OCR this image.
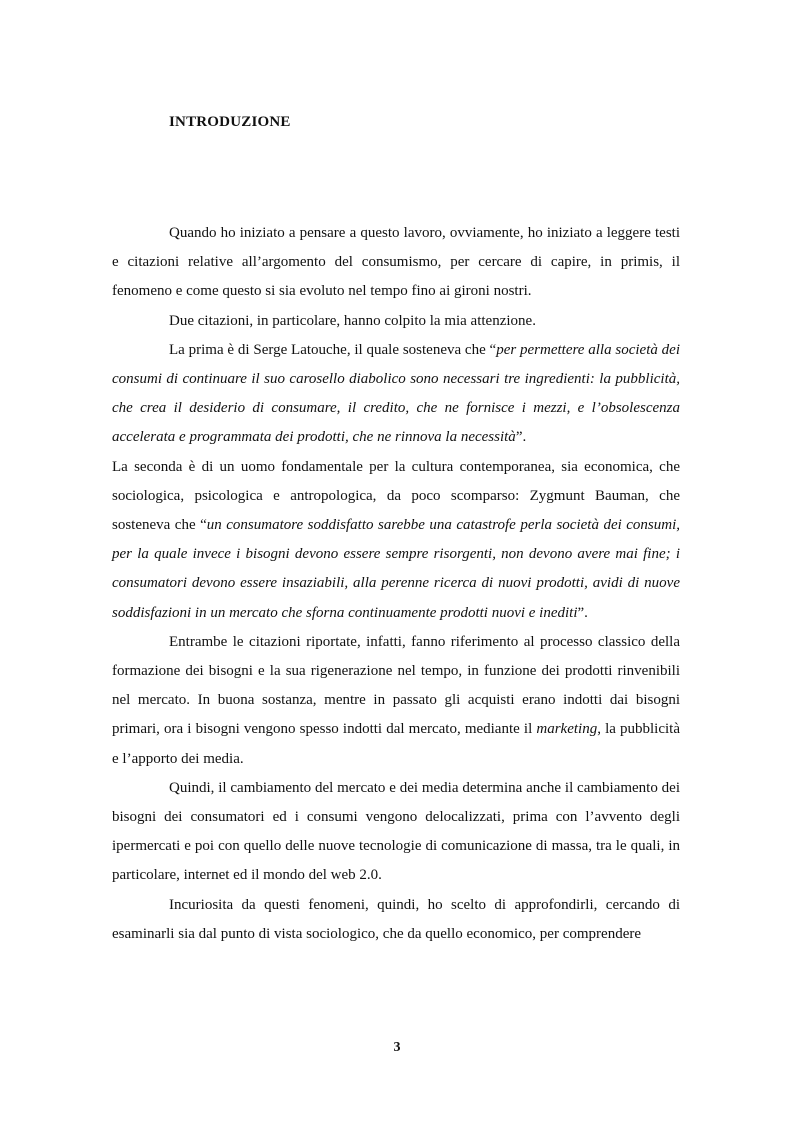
INTRODUZIONE

Quando ho iniziato a pensare a questo lavoro, ovviamente, ho iniziato a leggere testi e citazioni relative all’argomento del consumismo, per cercare di capire, in primis, il fenomeno e come questo si sia evoluto nel tempo fino ai gironi nostri.

Due citazioni, in particolare, hanno colpito la mia attenzione.

La prima è di Serge Latouche, il quale sosteneva che “per permettere alla società dei consumi di continuare il suo carosello diabolico sono necessari tre ingredienti: la pubblicità, che crea il desiderio di consumare, il credito, che ne fornisce i mezzi, e l’obsolescenza accelerata e programmata dei prodotti, che ne rinnova la necessità”.

La seconda è di un uomo fondamentale per la cultura contemporanea, sia economica, che sociologica, psicologica e antropologica, da poco scomparso: Zygmunt Bauman, che sosteneva che “un consumatore soddisfatto sarebbe una catastrofe perla società dei consumi, per la quale invece i bisogni devono essere sempre risorgenti, non devono avere mai fine; i consumatori devono essere insaziabili, alla perenne ricerca di nuovi prodotti, avidi di nuove soddisfazioni in un mercato che sforna continuamente prodotti nuovi e inediti”.

Entrambe le citazioni riportate, infatti, fanno riferimento al processo classico della formazione dei bisogni e la sua rigenerazione nel tempo, in funzione dei prodotti rinvenibili nel mercato. In buona sostanza, mentre in passato gli acquisti erano indotti dai bisogni primari, ora i bisogni vengono spesso indotti dal mercato, mediante il marketing, la pubblicità e l’apporto dei media.

Quindi, il cambiamento del mercato e dei media determina anche il cambiamento dei bisogni dei consumatori ed i consumi vengono delocalizzati, prima con l’avvento degli ipermercati e poi con quello delle nuove tecnologie di comunicazione di massa, tra le quali, in particolare, internet ed il mondo del web 2.0.

Incuriosita da questi fenomeni, quindi, ho scelto di approfondirli, cercando di esaminarli sia dal punto di vista sociologico, che da quello economico, per comprendere

3
